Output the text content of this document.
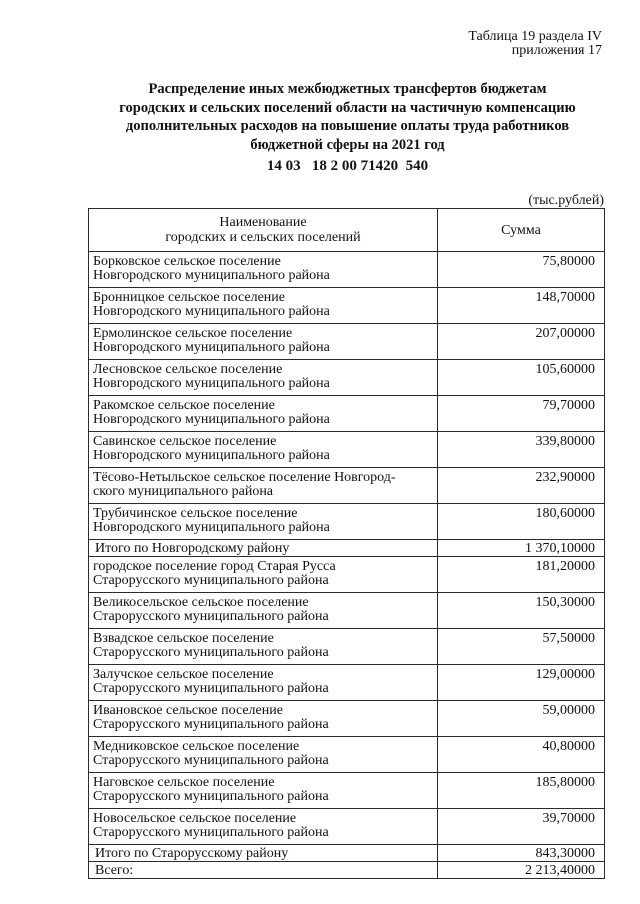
Таблица 19 раздела IV
приложения 17
Распределение иных межбюджетных трансфертов бюджетам
городских и сельских поселений области на частичную компенсацию
дополнительных расходов на повышение оплаты труда работников
бюджетной сферы на 2021 год
14 03   18 2 00 71420  540
(тыс.рублей)
Наименование
городских и сельских поселений	Сумма

Борковское сельское поселение
Новгородского муниципального района	75,80000

Бронницкое сельское поселение
Новгородского муниципального района	148,70000

Ермолинское сельское поселение
Новгородского муниципального района	207,00000

Лесновское сельское поселение
Новгородского муниципального района	105,60000

Ракомское сельское поселение
Новгородского муниципального района	79,70000

Савинское сельское поселение
Новгородского муниципального района	339,80000

Тёсово-Нетыльское сельское поселение Новгород-
ского муниципального района	232,90000

Трубичинское сельское поселение
Новгородского муниципального района	180,60000
Итого по Новгородскому району	1 370,10000

городское поселение город Старая Русса
Старорусского муниципального района	181,20000

Великосельское сельское поселение
Старорусского муниципального района	150,30000

Взвадское сельское поселение
Старорусского муниципального района	57,50000

Залучское сельское поселение
Старорусского муниципального района	129,00000

Ивановское сельское поселение
Старорусского муниципального района	59,00000

Медниковское сельское поселение
Старорусского муниципального района	40,80000

Наговское сельское поселение
Старорусского муниципального района	185,80000

Новосельское сельское поселение
Старорусского муниципального района	39,70000
Итого по Старорусскому району	843,30000
Всего:	2 213,40000
